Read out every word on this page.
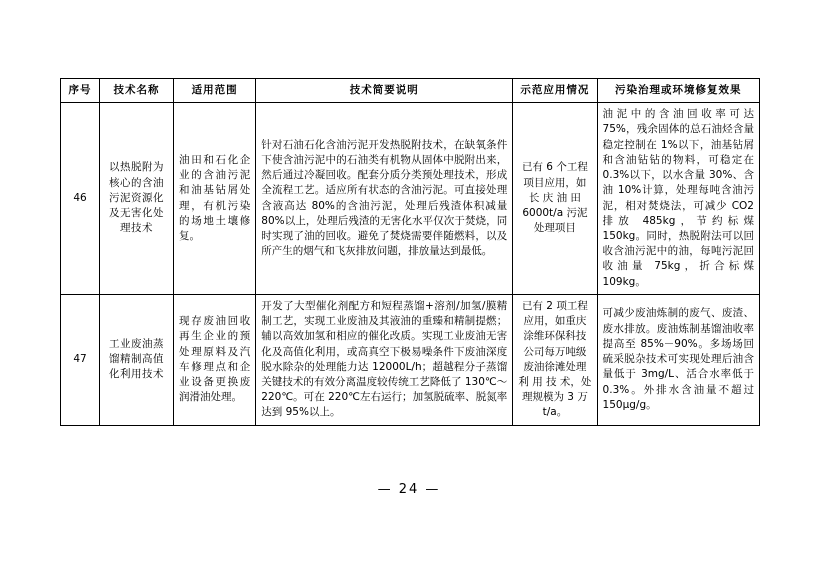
序号	技术名称	适用范围	技术简要说明	示范应用情况	污染治理或环境修复效果
46	以热脱附为核心的含油污泥资源化及无害化处理技术	油田和石化企业的含油污泥和油基钻屑处理，有机污染的场地土壤修复。	针对石油石化含油污泥开发热脱附技术，在缺氧条件下使含油污泥中的石油类有机物从固体中脱附出来，然后通过冷凝回收。配套分质分类预处理技术，形成全流程工艺。适应所有状态的含油污泥。可直接处理含液高达 80%的含油污泥，处理后残渣体积减量 80%以上，处理后残渣的无害化水平仅次于焚烧，同时实现了油的回收。避免了焚烧需要伴随燃料，以及所产生的烟气和飞灰排放问题，排放量达到最低。	已有 6 个工程项目应用，如长 庆 油 田 6000t/a 污泥处理项目	油泥中的含油回收率可达 75%，残余固体的总石油烃含量稳定控制在 1%以下，油基钻屑和含油钻钻的物料，可稳定在 0.3%以下，以水含量 30%、含油 10%计算，处理每吨含油污泥，相对焚烧法，可减少 CO2 排放 485kg，节约标煤 150kg。同时，热脱附法可以回收含油污泥中的油，每吨污泥回收油量 75kg，折合标煤 109kg。
47	工业废油蒸馏精制高值化利用技术	现存废油回收再生企业的预处理原料及汽车修理点和企业设备更换废润滑油处理。	开发了大型催化剂配方和短程蒸馏+溶剂/加氢/膜精制工艺，实现工业废油及其液油的重臻和精制提燃；辅以高效加氢和相应的催化改质。实现工业废油无害化及高值化利用，或高真空下极易噪条件下废油深度脱水除杂的处理能力达 12000L/h；超越程分子蒸馏关键技术的有效分离温度较传统工艺降低了 130℃～220℃。可在 220℃左右运行；加氢脱硫率、脱氮率达到 95%以上。	已有 2 项工程应用，如重庆涂维环保科技公司每万吨级废油徐滩处理利 用 技 术，处理规模为 3 万 t/a。	可减少废油炼制的废气、废渣、废水排放。废油炼制基馏油收率提高至 85%－90%。多场场回硫采脱杂技术可实现处理后油含量低于 3mg/L、活合水率低于 0.3%。外排水含油量不超过 150μg/g。
— 24 —
